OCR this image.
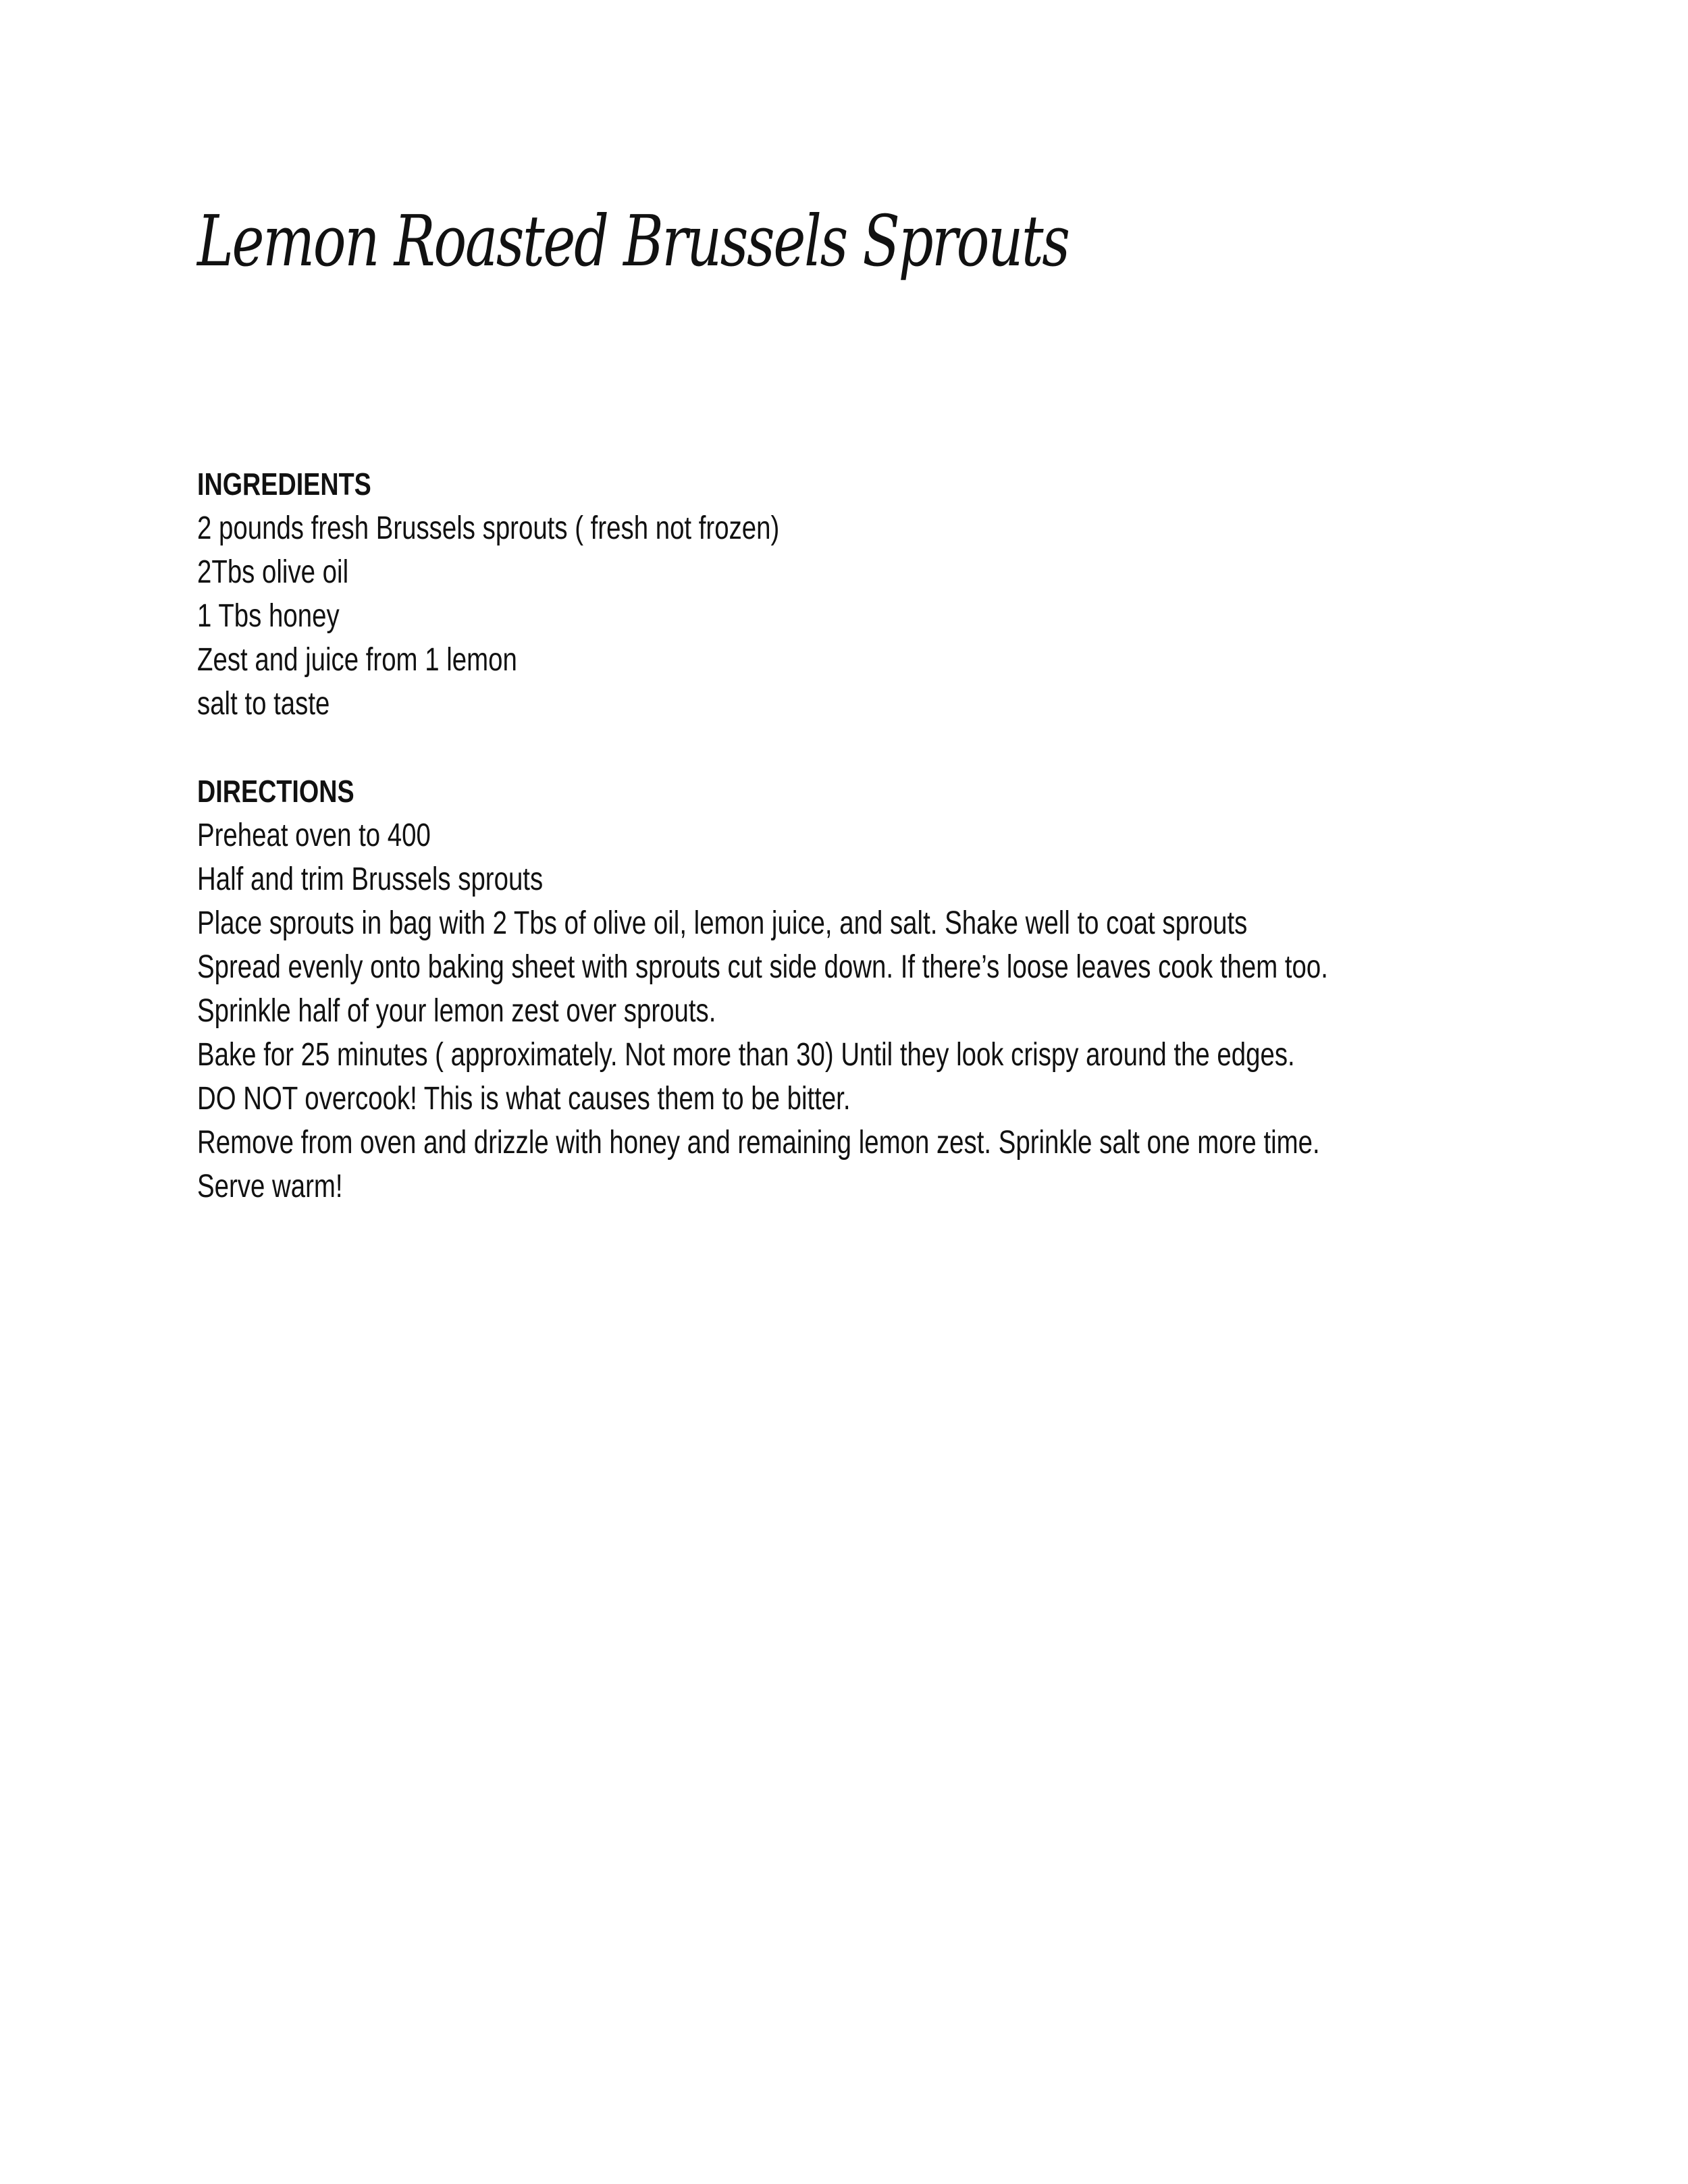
Lemon Roasted Brussels Sprouts
INGREDIENTS
2 pounds fresh Brussels sprouts ( fresh not frozen)
2Tbs olive oil
1 Tbs honey
Zest and juice from 1 lemon
salt to taste
DIRECTIONS
Preheat oven to 400
Half and trim Brussels sprouts
Place sprouts in bag with 2 Tbs of olive oil, lemon juice, and salt. Shake well to coat sprouts
Spread evenly onto baking sheet with sprouts cut side down. If there’s loose leaves cook them too.
Sprinkle half of your lemon zest over sprouts.
Bake for 25 minutes ( approximately. Not more than 30) Until they look crispy around the edges.
DO NOT overcook! This is what causes them to be bitter.
Remove from oven and drizzle with honey and remaining lemon zest. Sprinkle salt one more time.
Serve warm!
